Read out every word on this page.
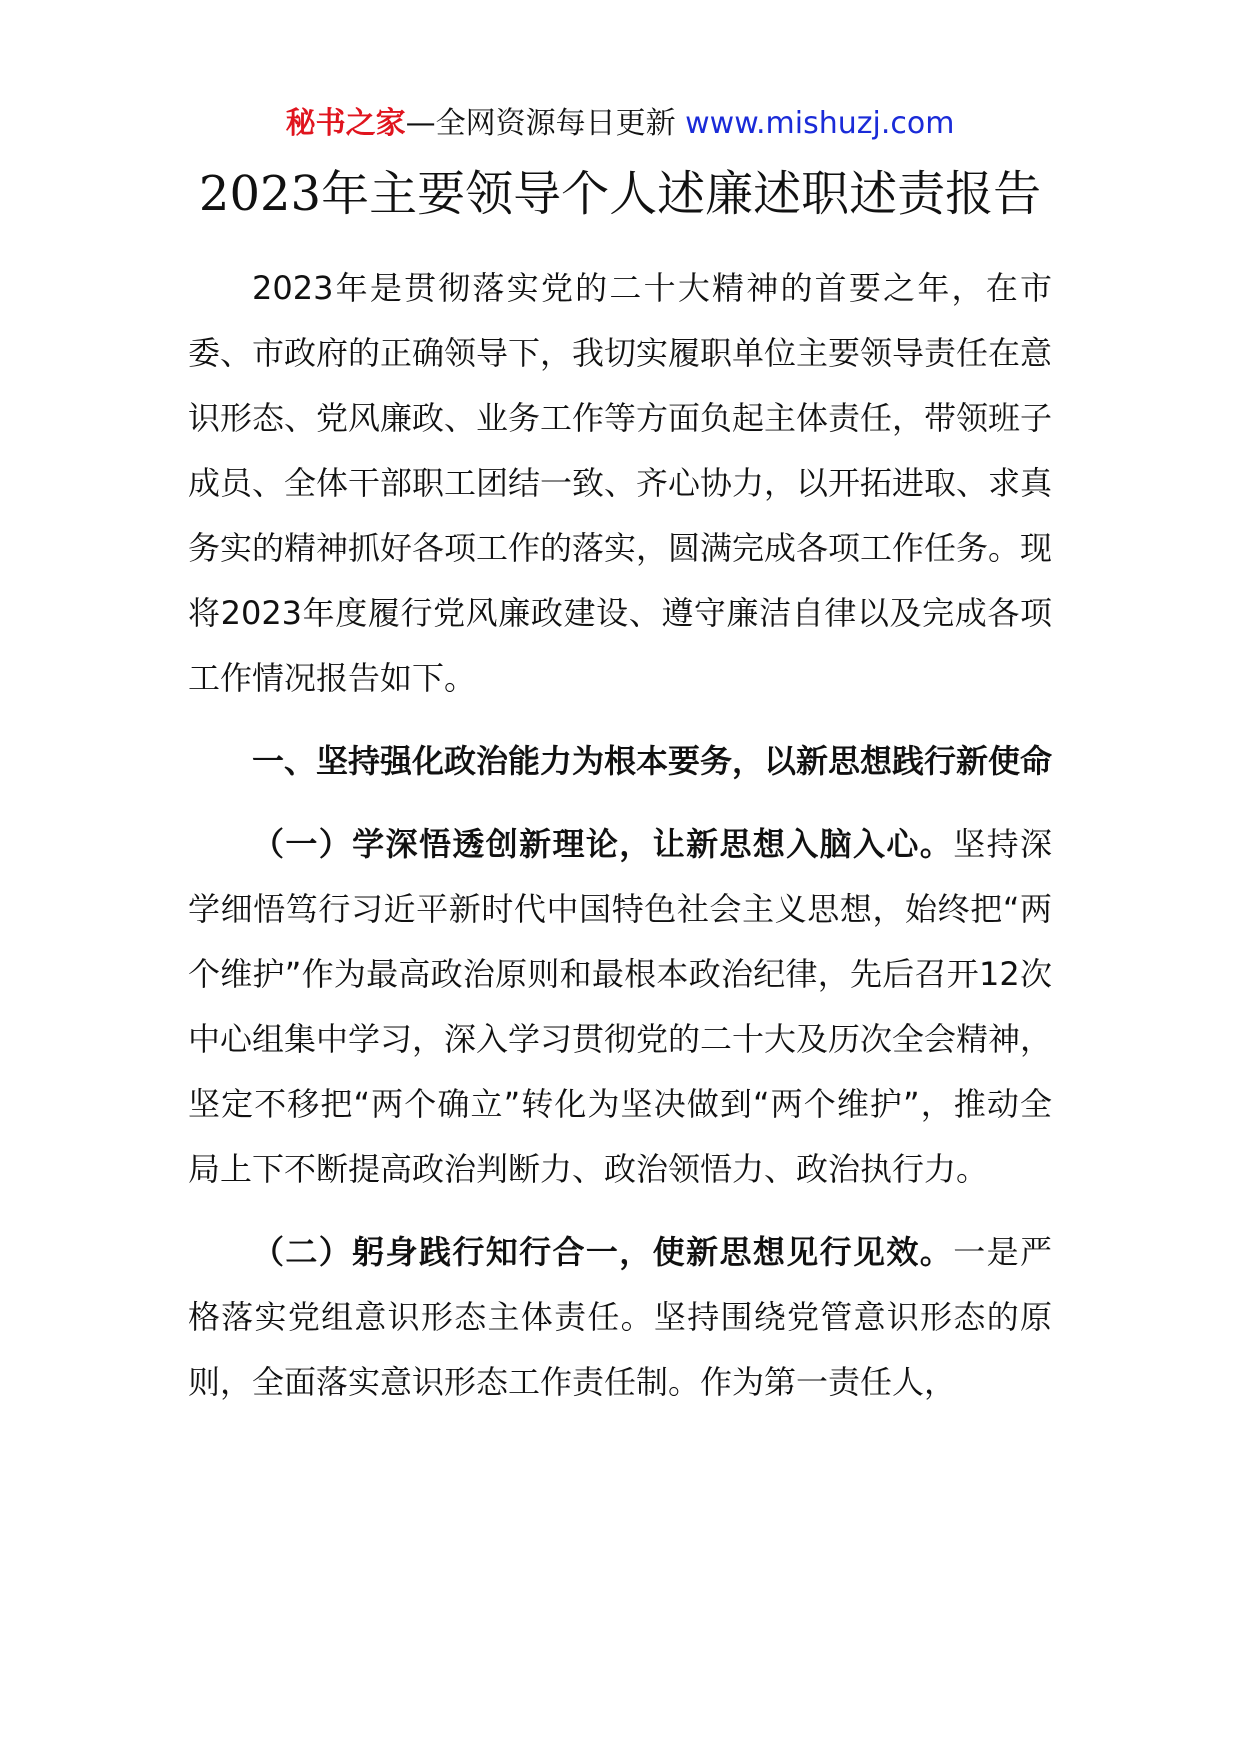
秘书之家—全网资源每日更新 www.mishuzj.com
2023年主要领导个人述廉述职述责报告

2023年是贯彻落实党的二十大精神的首要之年，在市委、市政府的正确领导下，我切实履职单位主要领导责任在意识形态、党风廉政、业务工作等方面负起主体责任，带领班子成员、全体干部职工团结一致、齐心协力，以开拓进取、求真务实的精神抓好各项工作的落实，圆满完成各项工作任务。现将2023年度履行党风廉政建设、遵守廉洁自律以及完成各项工作情况报告如下。

一、坚持强化政治能力为根本要务，以新思想践行新使命

（一）学深悟透创新理论，让新思想入脑入心。坚持深学细悟笃行习近平新时代中国特色社会主义思想，始终把“两个维护”作为最高政治原则和最根本政治纪律，先后召开12次中心组集中学习，深入学习贯彻党的二十大及历次全会精神，坚定不移把“两个确立”转化为坚决做到“两个维护”，推动全局上下不断提高政治判断力、政治领悟力、政治执行力。

（二）躬身践行知行合一，使新思想见行见效。一是严格落实党组意识形态主体责任。坚持围绕党管意识形态的原则，全面落实意识形态工作责任制。作为第一责任人，
